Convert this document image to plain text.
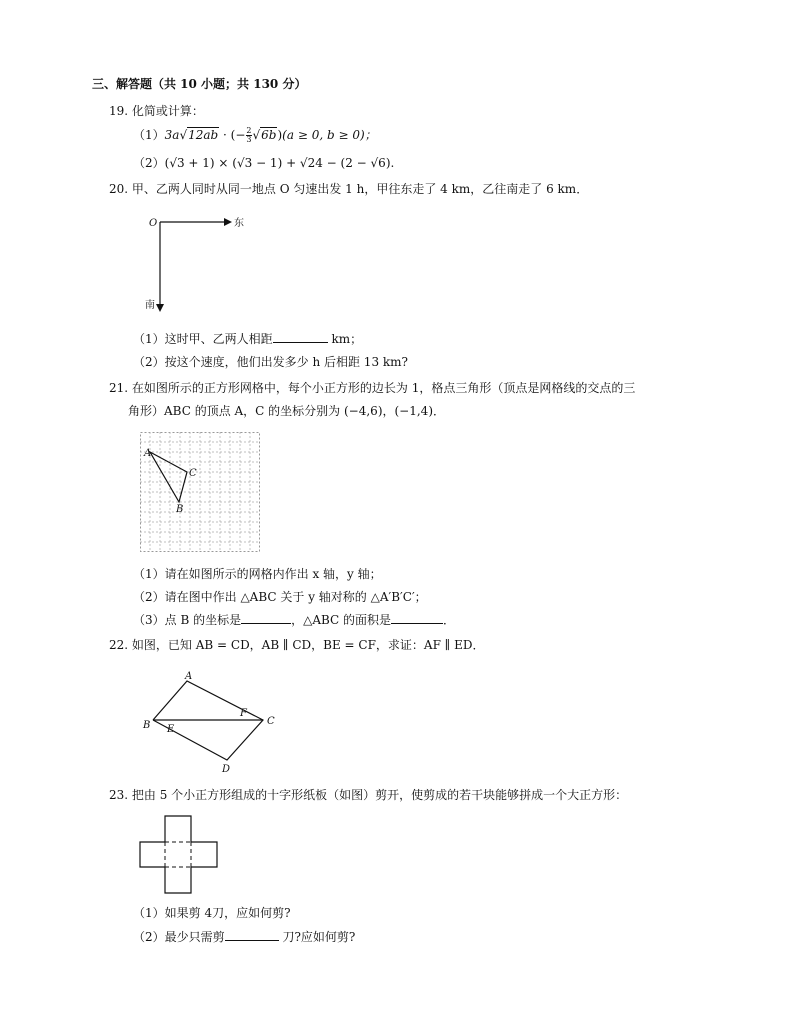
三、解答题（共 10 小题；共 130 分）
19. 化简或计算：
（1）3a√12ab · (− $\frac{2}{3} √6b)(a \ge 0$, b ≥ 0)；
（2）(√3 + 1) × (√3 − 1) + √24 − (2 − √6).
20. 甲、乙两人同时从同一地点 O 匀速出发 1 h，甲往东走了 4 km，乙往南走了 6 km．
O	东
南
（1）这时甲、乙两人相距	km；
（2）按这个速度，他们出发多少 h 后相距 13 km?
21. 在如图所示的正方形网格中，每个小正方形的边长为 1，格点三角形（顶点是网格线的交点的三
角形）ABC 的顶点 A，C 的坐标分别为 (−4,6)，(−1,4)．
A
C
B
（1）请在如图所示的网格内作出 x 轴，y 轴；
（2）请在图中作出 △ABC 关于 y 轴对称的 △A′B′C′；
（3）点 B 的坐标是	，△ABC 的面积是	．
22. 如图，已知 AB = CD，AB ∥ CD，BE = CF，求证：AF ∥ ED．
A
B	C
D
E
F
23. 把由 5 个小正方形组成的十字形纸板（如图）剪开，使剪成的若干块能够拼成一个大正方形：
（1）如果剪 4刀，应如何剪?
（2）最少只需剪	刀?应如何剪?
